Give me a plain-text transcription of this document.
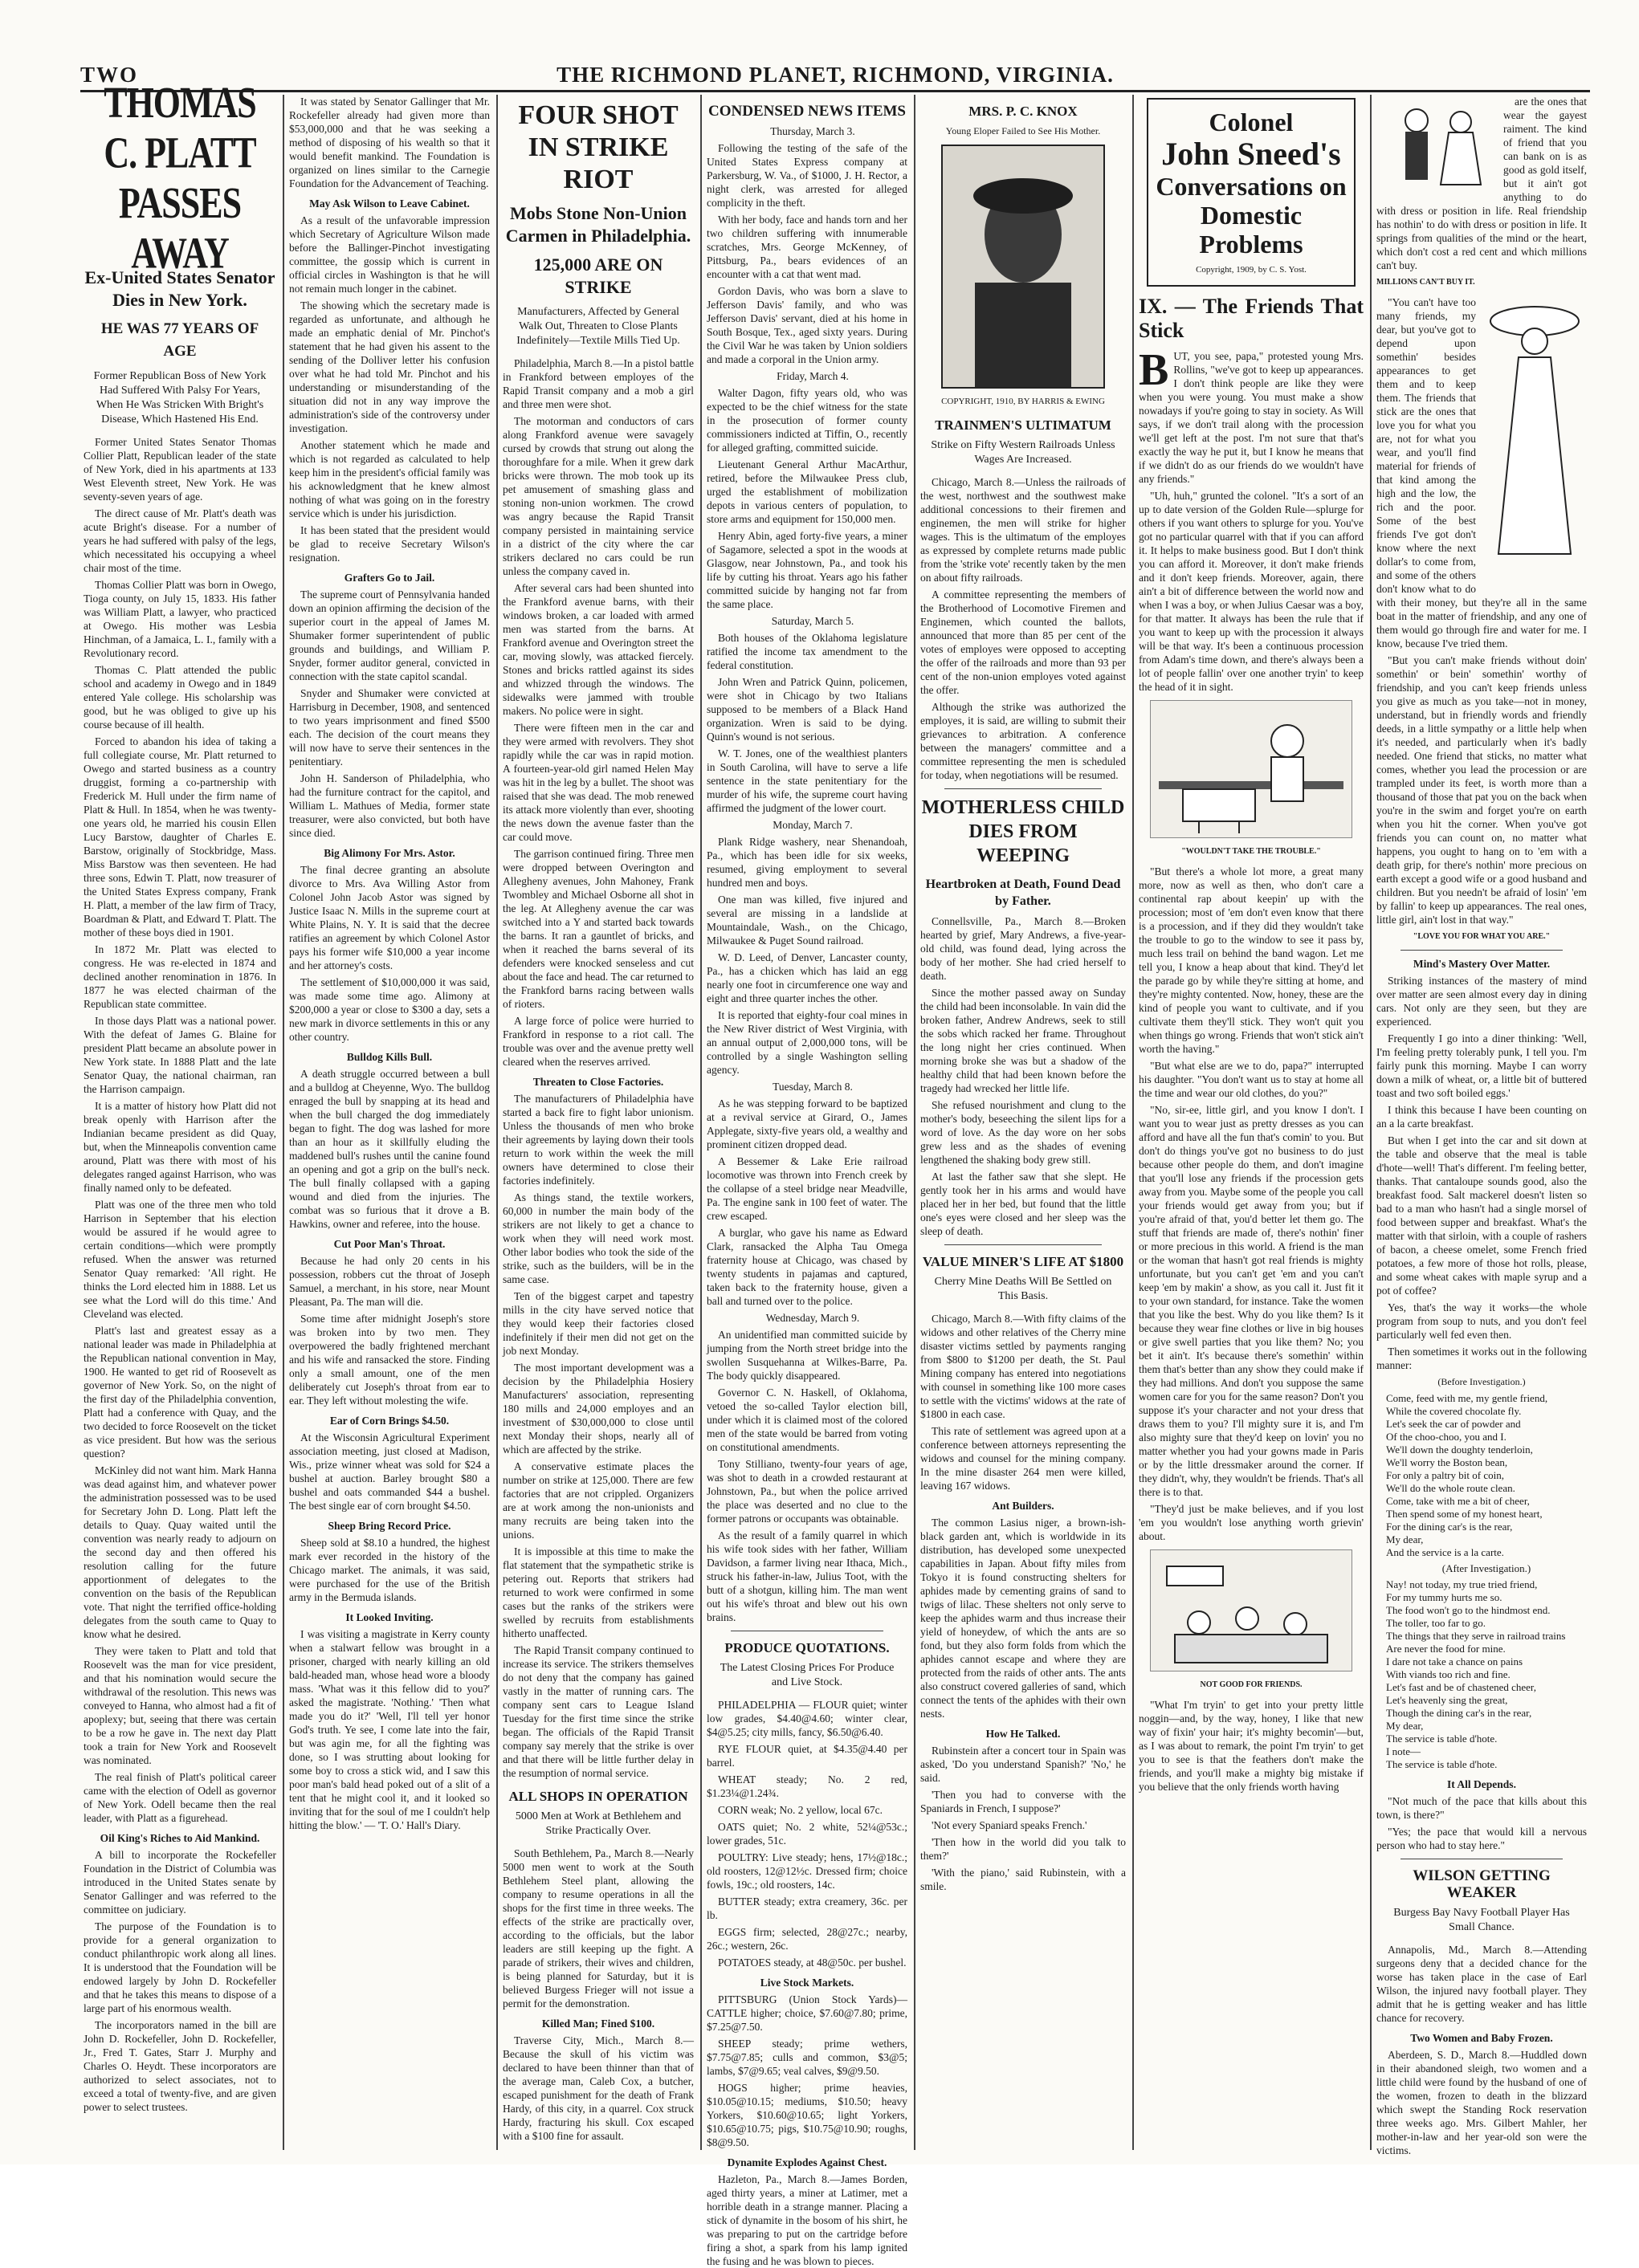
TWO	THE RICHMOND PLANET, RICHMOND, VIRGINIA.
THOMAS C. PLATT PASSES AWAY
Ex-United States Senator Dies in New York.
HE WAS 77 YEARS OF AGE
Former Republican Boss of New York Had Suffered With Palsy For Years, When He Was Stricken With Bright's Disease, Which Hastened His End.

Former United States Senator Thomas Collier Platt, Republican leader of the state of New York, died in his apartments at 133 West Eleventh street, New York. He was seventy-seven years of age.

The direct cause of Mr. Platt's death was acute Bright's disease. For a number of years he had suffered with palsy of the legs, which necessitated his occupying a wheel chair most of the time.

Thomas Collier Platt was born in Owego, Tioga county, on July 15, 1833. His father was William Platt, a lawyer, who practiced at Owego. His mother was Lesbia Hinchman, of a Jamaica, L. I., family with a Revolutionary record.

Thomas C. Platt attended the public school and academy in Owego and in 1849 entered Yale college. His scholarship was good, but he was obliged to give up his course because of ill health.

Forced to abandon his idea of taking a full collegiate course, Mr. Platt returned to Owego and started business as a country druggist, forming a co-partnership with Frederick M. Hull under the firm name of Platt & Hull. In 1854, when he was twenty-one years old, he married his cousin Ellen Lucy Barstow, daughter of Charles E. Barstow, originally of Stockbridge, Mass. Miss Barstow was then seventeen. He had three sons, Edwin T. Platt, now treasurer of the United States Express company, Frank H. Platt, a member of the law firm of Tracy, Boardman & Platt, and Edward T. Platt. The mother of these boys died in 1901.

In 1872 Mr. Platt was elected to congress. He was re-elected in 1874 and declined another renomination in 1876. In 1877 he was elected chairman of the Republican state committee.

In those days Platt was a national power. With the defeat of James G. Blaine for president Platt became an absolute power in New York state. In 1888 Platt and the late Senator Quay, the national chairman, ran the Harrison campaign.

It is a matter of history how Platt did not break openly with Harrison after the Indianian became president as did Quay, but, when the Minneapolis convention came around, Platt was there with most of his delegates ranged against Harrison, who was finally named only to be defeated.

Platt was one of the three men who told Harrison in September that his election would be assured if he would agree to certain conditions—which were promptly refused. When the answer was returned Senator Quay remarked: 'All right. He thinks the Lord elected him in 1888. Let us see what the Lord will do this time.' And Cleveland was elected.

Platt's last and greatest essay as a national leader was made in Philadelphia at the Republican national convention in May, 1900. He wanted to get rid of Roosevelt as governor of New York. So, on the night of the first day of the Philadelphia convention, Platt had a conference with Quay, and the two decided to force Roosevelt on the ticket as vice president. But how was the serious question?

McKinley did not want him. Mark Hanna was dead against him, and whatever power the administration possessed was to be used for Secretary John D. Long. Platt left the details to Quay. Quay waited until the convention was nearly ready to adjourn on the second day and then offered his resolution calling for the future apportionment of delegates to the convention on the basis of the Republican vote. That night the terrified office-holding delegates from the south came to Quay to know what he desired.

They were taken to Platt and told that Roosevelt was the man for vice president, and that his nomination would secure the withdrawal of the resolution. This news was conveyed to Hanna, who almost had a fit of apoplexy; but, seeing that there was certain to be a row he gave in. The next day Platt took a train for New York and Roosevelt was nominated.

The real finish of Platt's political career came with the election of Odell as governor of New York. Odell became then the real leader, with Platt as a figurehead.

Oil King's Riches to Aid Mankind.

A bill to incorporate the Rockefeller Foundation in the District of Columbia was introduced in the United States senate by Senator Gallinger and was referred to the committee on judiciary.

The purpose of the Foundation is to provide for a general organization to conduct philanthropic work along all lines. It is understood that the Foundation will be endowed largely by John D. Rockefeller and that he takes this means to dispose of a large part of his enormous wealth.

The incorporators named in the bill are John D. Rockefeller, John D. Rockefeller, Jr., Fred T. Gates, Starr J. Murphy and Charles O. Heydt. These incorporators are authorized to select associates, not to exceed a total of twenty-five, and are given power to select trustees.

It was stated by Senator Gallinger that Mr. Rockefeller already had given more than $53,000,000 and that he was seeking a method of disposing of his wealth so that it would benefit mankind. The Foundation is organized on lines similar to the Carnegie Foundation for the Advancement of Teaching.

May Ask Wilson to Leave Cabinet.

As a result of the unfavorable impression which Secretary of Agriculture Wilson made before the Ballinger-Pinchot investigating committee, the gossip which is current in official circles in Washington is that he will not remain much longer in the cabinet.

The showing which the secretary made is regarded as unfortunate, and although he made an emphatic denial of Mr. Pinchot's statement that he had given his assent to the sending of the Dolliver letter his confusion over what he had told Mr. Pinchot and his understanding or misunderstanding of the situation did not in any way improve the administration's side of the controversy under investigation.

Another statement which he made and which is not regarded as calculated to help keep him in the president's official family was his acknowledgment that he knew almost nothing of what was going on in the forestry service which is under his jurisdiction.

It has been stated that the president would be glad to receive Secretary Wilson's resignation.

Grafters Go to Jail.

The supreme court of Pennsylvania handed down an opinion affirming the decision of the superior court in the appeal of James M. Shumaker former superintendent of public grounds and buildings, and William P. Snyder, former auditor general, convicted in connection with the state capitol scandal.

Snyder and Shumaker were convicted at Harrisburg in December, 1908, and sentenced to two years imprisonment and fined $500 each. The decision of the court means they will now have to serve their sentences in the penitentiary.

John H. Sanderson of Philadelphia, who had the furniture contract for the capitol, and William L. Mathues of Media, former state treasurer, were also convicted, but both have since died.

Big Alimony For Mrs. Astor.

The final decree granting an absolute divorce to Mrs. Ava Willing Astor from Colonel John Jacob Astor was signed by Justice Isaac N. Mills in the supreme court at White Plains, N. Y. It is said that the decree ratifies an agreement by which Colonel Astor pays his former wife $10,000 a year income and her attorney's costs.

The settlement of $10,000,000 it was said, was made some time ago. Alimony at $200,000 a year or close to $300 a day, sets a new mark in divorce settlements in this or any other country.

Bulldog Kills Bull.

A death struggle occurred between a bull and a bulldog at Cheyenne, Wyo. The bulldog enraged the bull by snapping at its head and when the bull charged the dog immediately began to fight. The dog was lashed for more than an hour as it skillfully eluding the maddened bull's rushes until the canine found an opening and got a grip on the bull's neck. The bull finally collapsed with a gaping wound and died from the injuries. The combat was so furious that it drove a B. Hawkins, owner and referee, into the house.

Cut Poor Man's Throat.

Because he had only 20 cents in his possession, robbers cut the throat of Joseph Samuel, a merchant, in his store, near Mount Pleasant, Pa. The man will die.

Some time after midnight Joseph's store was broken into by two men. They overpowered the badly frightened merchant and his wife and ransacked the store. Finding only a small amount, one of the men deliberately cut Joseph's throat from ear to ear. They left without molesting the wife.

Ear of Corn Brings $4.50.

At the Wisconsin Agricultural Experiment association meeting, just closed at Madison, Wis., prize winner wheat was sold for $24 a bushel at auction. Barley brought $80 a bushel and oats commanded $44 a bushel. The best single ear of corn brought $4.50.

Sheep Bring Record Price.

Sheep sold at $8.10 a hundred, the highest mark ever recorded in the history of the Chicago market. The animals, it was said, were purchased for the use of the British army in the Bermuda islands.

It Looked Inviting.

I was visiting a magistrate in Kerry county when a stalwart fellow was brought in a prisoner, charged with nearly killing an old bald-headed man, whose head wore a bloody mass. 'What was it this fellow did to you?' asked the magistrate. 'Nothing.' 'Then what made you do it?' 'Well, I'll tell yer honor God's truth. Ye see, I come late into the fair, but was agin me, for all the fighting was done, so I was strutting about looking for some boy to cross a stick wid, and I saw this poor man's bald head poked out of a slit of a tent that he might cool it, and it looked so inviting that for the soul of me I couldn't help hitting the blow.' — 'T. O.' Hall's Diary.

FOUR SHOT IN STRIKE RIOT
Mobs Stone Non-Union Carmen in Philadelphia.
125,000 ARE ON STRIKE
Manufacturers, Affected by General Walk Out, Threaten to Close Plants Indefinitely—Textile Mills Tied Up.

Philadelphia, March 8.—In a pistol battle in Frankford between employes of the Rapid Transit company and a mob a girl and three men were shot.

The motorman and conductors of cars along Frankford avenue were savagely cursed by crowds that strung out along the thoroughfare for a mile. When it grew dark bricks were thrown. The mob took up its pet amusement of smashing glass and stoning non-union workmen. The crowd was angry because the Rapid Transit company persisted in maintaining service in a district of the city where the car strikers declared no cars could be run unless the company caved in.

After several cars had been shunted into the Frankford avenue barns, with their windows broken, a car loaded with armed men was started from the barns. At Frankford avenue and Overington street the car, moving slowly, was attacked fiercely. Stones and bricks rattled against its sides and whizzed through the windows. The sidewalks were jammed with trouble makers. No police were in sight.

There were fifteen men in the car and they were armed with revolvers. They shot rapidly while the car was in rapid motion. A fourteen-year-old girl named Helen May was hit in the leg by a bullet. The shoot was raised that she was dead. The mob renewed its attack more violently than ever, shooting the news down the avenue faster than the car could move.

The garrison continued firing. Three men were dropped between Overington and Allegheny avenues, John Mahoney, Frank Twombley and Michael Osborne all shot in the leg. At Allegheny avenue the car was switched into a Y and started back towards the barns. It ran a gauntlet of bricks, and when it reached the barns several of its defenders were knocked senseless and cut about the face and head. The car returned to the Frankford barns racing between walls of rioters.

A large force of police were hurried to Frankford in response to a riot call. The trouble was over and the avenue pretty well cleared when the reserves arrived.

Threaten to Close Factories.

The manufacturers of Philadelphia have started a back fire to fight labor unionism. Unless the thousands of men who broke their agreements by laying down their tools return to work within the week the mill owners have determined to close their factories indefinitely.

As things stand, the textile workers, 60,000 in number the main body of the strikers are not likely to get a chance to work when they will need work most. Other labor bodies who took the side of the strike, such as the builders, will be in the same case.

Ten of the biggest carpet and tapestry mills in the city have served notice that they would keep their factories closed indefinitely if their men did not get on the job next Monday.

The most important development was a decision by the Philadelphia Hosiery Manufacturers' association, representing 180 mills and 24,000 employes and an investment of $30,000,000 to close until next Monday their shops, nearly all of which are affected by the strike.

A conservative estimate places the number on strike at 125,000. There are few factories that are not crippled. Organizers are at work among the non-unionists and many recruits are being taken into the unions.

It is impossible at this time to make the flat statement that the sympathetic strike is petering out. Reports that strikers had returned to work were confirmed in some cases but the ranks of the strikers were swelled by recruits from establishments hitherto unaffected.

The Rapid Transit company continued to increase its service. The strikers themselves do not deny that the company has gained vastly in the matter of running cars. The company sent cars to League Island Tuesday for the first time since the strike began. The officials of the Rapid Transit company say merely that the strike is over and that there will be little further delay in the resumption of normal service.

ALL SHOPS IN OPERATION
5000 Men at Work at Bethlehem and Strike Practically Over.

South Bethlehem, Pa., March 8.—Nearly 5000 men went to work at the South Bethlehem Steel plant, allowing the company to resume operations in all the shops for the first time in three weeks. The effects of the strike are practically over, according to the officials, but the labor leaders are still keeping up the fight. A parade of strikers, their wives and children, is being planned for Saturday, but it is believed Burgess Frieger will not issue a permit for the demonstration.

Killed Man; Fined $100.

Traverse City, Mich., March 8.—Because the skull of his victim was declared to have been thinner than that of the average man, Caleb Cox, a butcher, escaped punishment for the death of Frank Hardy, of this city, in a quarrel. Cox struck Hardy, fracturing his skull. Cox escaped with a $100 fine for assault.

CONDENSED NEWS ITEMS

Thursday, March 3.

Following the testing of the safe of the United States Express company at Parkersburg, W. Va., of $1000, J. H. Rector, a night clerk, was arrested for alleged complicity in the theft.

With her body, face and hands torn and her two children suffering with innumerable scratches, Mrs. George McKenney, of Pittsburg, Pa., bears evidences of an encounter with a cat that went mad.

Gordon Davis, who was born a slave to Jefferson Davis' family, and who was Jefferson Davis' servant, died at his home in South Bosque, Tex., aged sixty years. During the Civil War he was taken by Union soldiers and made a corporal in the Union army.

Friday, March 4.

Walter Dagon, fifty years old, who was expected to be the chief witness for the state in the prosecution of former county commissioners indicted at Tiffin, O., recently for alleged grafting, committed suicide.

Lieutenant General Arthur MacArthur, retired, before the Milwaukee Press club, urged the establishment of mobilization depots in various centers of population, to store arms and equipment for 150,000 men.

Henry Abin, aged forty-five years, a miner of Sagamore, selected a spot in the woods at Glasgow, near Johnstown, Pa., and took his life by cutting his throat. Years ago his father committed suicide by hanging not far from the same place.

Saturday, March 5.

Both houses of the Oklahoma legislature ratified the income tax amendment to the federal constitution.

John Wren and Patrick Quinn, policemen, were shot in Chicago by two Italians supposed to be members of a Black Hand organization. Wren is said to be dying. Quinn's wound is not serious.

W. T. Jones, one of the wealthiest planters in South Carolina, will have to serve a life sentence in the state penitentiary for the murder of his wife, the supreme court having affirmed the judgment of the lower court.

Monday, March 7.

Plank Ridge washery, near Shenandoah, Pa., which has been idle for six weeks, resumed, giving employment to several hundred men and boys.

One man was killed, five injured and several are missing in a landslide at Mountaindale, Wash., on the Chicago, Milwaukee & Puget Sound railroad.

W. D. Leed, of Denver, Lancaster county, Pa., has a chicken which has laid an egg nearly one foot in circumference one way and eight and three quarter inches the other.

It is reported that eighty-four coal mines in the New River district of West Virginia, with an annual output of 2,000,000 tons, will be controlled by a single Washington selling agency.

Tuesday, March 8.

As he was stepping forward to be baptized at a revival service at Girard, O., James Applegate, sixty-five years old, a wealthy and prominent citizen dropped dead.

A Bessemer & Lake Erie railroad locomotive was thrown into French creek by the collapse of a steel bridge near Meadville, Pa. The engine sank in 100 feet of water. The crew escaped.

A burglar, who gave his name as Edward Clark, ransacked the Alpha Tau Omega fraternity house at Chicago, was chased by twenty students in pajamas and captured, taken back to the fraternity house, given a ball and turned over to the police.

Wednesday, March 9.

An unidentified man committed suicide by jumping from the North street bridge into the swollen Susquehanna at Wilkes-Barre, Pa. The body quickly disappeared.

Governor C. N. Haskell, of Oklahoma, vetoed the so-called Taylor election bill, under which it is claimed most of the colored men of the state would be barred from voting on constitutional amendments.

Tony Stilliano, twenty-four years of age, was shot to death in a crowded restaurant at Johnstown, Pa., but when the police arrived the place was deserted and no clue to the former patrons or occupants was obtainable.

As the result of a family quarrel in which his wife took sides with her father, William Davidson, a farmer living near Ithaca, Mich., struck his father-in-law, Julius Toot, with the butt of a shotgun, killing him. The man went out his wife's throat and blew out his own brains.

PRODUCE QUOTATIONS.
The Latest Closing Prices For Produce and Live Stock.

PHILADELPHIA — FLOUR quiet; winter low grades, $4.40@4.60; winter clear, $4@5.25; city mills, fancy, $6.50@6.40.

RYE FLOUR quiet, at $4.35@4.40 per barrel.

WHEAT steady; No. 2 red, $1.23¼@1.24¾.

CORN weak; No. 2 yellow, local 67c.

OATS quiet; No. 2 white, 52¼@53c.; lower grades, 51c.

POULTRY: Live steady; hens, 17½@18c.; old roosters, 12@12½c. Dressed firm; choice fowls, 19c.; old roosters, 14c.

BUTTER steady; extra creamery, 36c. per lb.

EGGS firm; selected, 28@27c.; nearby, 26c.; western, 26c.

POTATOES steady, at 48@50c. per bushel.

Live Stock Markets.

PITTSBURG (Union Stock Yards)—CATTLE higher; choice, $7.60@7.80; prime, $7.25@7.50.

SHEEP steady; prime wethers, $7.75@7.85; culls and common, $3@5; lambs, $7@9.65; veal calves, $9@9.50.

HOGS higher; prime heavies, $10.05@10.15; mediums, $10.50; heavy Yorkers, $10.60@10.65; light Yorkers, $10.65@10.75; pigs, $10.75@10.90; roughs, $8@9.50.

Dynamite Explodes Against Chest.

Hazleton, Pa., March 8.—James Borden, aged thirty years, a miner at Latimer, met a horrible death in a strange manner. Placing a stick of dynamite in the bosom of his shirt, he was preparing to put on the cartridge before firing a shot, a spark from his lamp ignited the fusing and he was blown to pieces.

MRS. P. C. KNOX
Young Eloper Failed to See His Mother.
COPYRIGHT, 1910, BY HARRIS & EWING
TRAINMEN'S ULTIMATUM
Strike on Fifty Western Railroads Unless Wages Are Increased.

Chicago, March 8.—Unless the railroads of the west, northwest and the southwest make additional concessions to their firemen and enginemen, the men will strike for higher wages. This is the ultimatum of the employes as expressed by complete returns made public from the 'strike vote' recently taken by the men on about fifty railroads.

A committee representing the members of the Brotherhood of Locomotive Firemen and Enginemen, which counted the ballots, announced that more than 85 per cent of the votes of employes were opposed to accepting the offer of the railroads and more than 93 per cent of the non-union employes voted against the offer.

Although the strike was authorized the employes, it is said, are willing to submit their grievances to arbitration. A conference between the managers' committee and a committee representing the men is scheduled for today, when negotiations will be resumed.

MOTHERLESS CHILD DIES FROM WEEPING
Heartbroken at Death, Found Dead by Father.

Connellsville, Pa., March 8.—Broken hearted by grief, Mary Andrews, a five-year-old child, was found dead, lying across the body of her mother. She had cried herself to death.

Since the mother passed away on Sunday the child had been inconsolable. In vain did the broken father, Andrew Andrews, seek to still the sobs which racked her frame. Throughout the long night her cries continued. When morning broke she was but a shadow of the healthy child that had been known before the tragedy had wrecked her little life.

She refused nourishment and clung to the mother's body, beseeching the silent lips for a word of love. As the day wore on her sobs grew less and as the shades of evening lengthened the shaking body grew still.

At last the father saw that she slept. He gently took her in his arms and would have placed her in her bed, but found that the little one's eyes were closed and her sleep was the sleep of death.

VALUE MINER'S LIFE AT $1800
Cherry Mine Deaths Will Be Settled on This Basis.

Chicago, March 8.—With fifty claims of the widows and other relatives of the Cherry mine disaster victims settled by payments ranging from $800 to $1200 per death, the St. Paul Mining company has entered into negotiations with counsel in something like 100 more cases to settle with the victims' widows at the rate of $1800 in each case.

This rate of settlement was agreed upon at a conference between attorneys representing the widows and counsel for the mining company. In the mine disaster 264 men were killed, leaving 167 widows.

Ant Builders.

The common Lasius niger, a brown-ish-black garden ant, which is worldwide in its distribution, has developed some unexpected capabilities in Japan. About fifty miles from Tokyo it is found constructing shelters for aphides made by cementing grains of sand to twigs of lilac. These shelters not only serve to keep the aphides warm and thus increase their yield of honeydew, of which the ants are so fond, but they also form folds from which the aphides cannot escape and where they are protected from the raids of other ants. The ants also construct covered galleries of sand, which connect the tents of the aphides with their own nests.

How He Talked.

Rubinstein after a concert tour in Spain was asked, 'Do you understand Spanish?' 'No,' he said.

'Then you had to converse with the Spaniards in French, I suppose?'

'Not every Spaniard speaks French.'

'Then how in the world did you talk to them?'

'With the piano,' said Rubinstein, with a smile.

Colonel
John Sneed's
Conversations on Domestic Problems
Copyright, 1909, by C. S. Yost.
IX. — The Friends That Stick

BUT, you see, papa," protested young Mrs. Rollins, "we've got to keep up appearances. I don't think people are like they were when you were young. You must make a show nowadays if you're going to stay in society. As Will says, if we don't trail along with the procession we'll get left at the post. I'm not sure that that's exactly the way he put it, but I know he means that if we didn't do as our friends do we wouldn't have any friends."

"Uh, huh," grunted the colonel. "It's a sort of an up to date version of the Golden Rule—splurge for others if you want others to splurge for you. You've got no particular quarrel with that if you can afford it. It helps to make business good. But I don't think you can afford it. Moreover, it don't make friends and it don't keep friends. Moreover, again, there ain't a bit of difference between the world now and when I was a boy, or when Julius Caesar was a boy, for that matter. It always has been the rule that if you want to keep up with the procession it always will be that way. It's been a continuous procession from Adam's time down, and there's always been a lot of people fallin' over one another tryin' to keep the head of it in sight.

"WOULDN'T TAKE THE TROUBLE."

"But there's a whole lot more, a great many more, now as well as then, who don't care a continental rap about keepin' up with the procession; most of 'em don't even know that there is a procession, and if they did they wouldn't take the trouble to go to the window to see it pass by, much less trail on behind the band wagon. Let me tell you, I know a heap about that kind. They'd let the parade go by while they're sitting at home, and they're mighty contented. Now, honey, these are the kind of people you want to cultivate, and if you cultivate them they'll stick. They won't quit you when things go wrong. Friends that won't stick ain't worth the having."

"But what else are we to do, papa?" interrupted his daughter. "You don't want us to stay at home all the time and wear our old clothes, do you?"

"No, sir-ee, little girl, and you know I don't. I want you to wear just as pretty dresses as you can afford and have all the fun that's comin' to you. But don't do things you've got no business to do just because other people do them, and don't imagine that you'll lose any friends if the procession gets away from you. Maybe some of the people you call your friends would get away from you; but if you're afraid of that, you'd better let them go. The stuff that friends are made of, there's nothin' finer or more precious in this world. A friend is the man or the woman that hasn't got real friends is mighty unfortunate, but you can't get 'em and you can't keep 'em by makin' a show, as you call it. Just fit it to your own standard, for instance. Take the women that you like the best. Why do you like them? Is it because they wear fine clothes or live in big houses or give swell parties that you like them? No; you bet it ain't. It's because there's somethin' within them that's better than any show they could make if they had millions. And don't you suppose the same women care for you for the same reason? Don't you suppose it's your character and not your dress that draws them to you? I'll mighty sure it is, and I'm also mighty sure that they'd keep on lovin' you no matter whether you had your gowns made in Paris or by the little dressmaker around the corner. If they didn't, why, they wouldn't be friends. That's all there is to that.

"They'd just be make believes, and if you lost 'em you wouldn't lose anything worth grievin' about.

NOT GOOD FOR FRIENDS.

"What I'm tryin' to get into your pretty little noggin—and, by the way, honey, I like that new way of fixin' your hair; it's mighty becomin'—but, as I was about to remark, the point I'm tryin' to get you to see is that the feathers don't make the friends, and you'll make a mighty big mistake if you believe that the only friends worth having

are the ones that wear the gayest raiment. The kind of friend that you can bank on is as good as gold itself, but it ain't got anything to do with dress or position in life. Real friendship has nothin' to do with dress or position in life. It springs from qualities of the mind or the heart, which don't cost a red cent and which millions can't buy.

MILLIONS CAN'T BUY IT.

"You can't have too many friends, my dear, but you've got to depend upon somethin' besides appearances to get them and to keep them. The friends that stick are the ones that love you for what you are, not for what you wear, and you'll find material for friends of that kind among the high and the low, the rich and the poor. Some of the best friends I've got don't know where the next dollar's to come from, and some of the others don't know what to do with their money, but they're all in the same boat in the matter of friendship, and any one of them would go through fire and water for me. I know, because I've tried them.

"But you can't make friends without doin' somethin' or bein' somethin' worthy of friendship, and you can't keep friends unless you give as much as you take—not in money, understand, but in friendly words and friendly deeds, in a little sympathy or a little help when it's needed, and particularly when it's badly needed. One friend that sticks, no matter what comes, whether you lead the procession or are trampled under its feet, is worth more than a thousand of those that pat you on the back when you're in the swim and forget you're on earth when you hit the corner. When you've got friends you can count on, no matter what happens, you ought to hang on to 'em with a death grip, for there's nothin' more precious on earth except a good wife or a good husband and children. But you needn't be afraid of losin' 'em by fallin' to keep up appearances. The real ones, little girl, ain't lost in that way."

"LOVE YOU FOR WHAT YOU ARE."
Mind's Mastery Over Matter.

Striking instances of the mastery of mind over matter are seen almost every day in dining cars. Not only are they seen, but they are experienced.

Frequently I go into a diner thinking: 'Well, I'm feeling pretty tolerably punk, I tell you. I'm fairly punk this morning. Maybe I can worry down a milk of wheat, or, a little bit of buttered toast and two soft boiled eggs.'

I think this because I have been counting on an a la carte breakfast.

But when I get into the car and sit down at the table and observe that the meal is table d'hote—well! That's different. I'm feeling better, thanks. That cantaloupe sounds good, also the breakfast food. Salt mackerel doesn't listen so bad to a man who hasn't had a single morsel of food between supper and breakfast. What's the matter with that sirloin, with a couple of rashers of bacon, a cheese omelet, some French fried potatoes, a few more of those hot rolls, please, and some wheat cakes with maple syrup and a pot of coffee?

Yes, that's the way it works—the whole program from soup to nuts, and you don't feel particularly well fed even then.

Then sometimes it works out in the following manner:

(Before Investigation.)
Come, feed with me, my gentle friend,
While the covered chocolate fly.
Let's seek the car of powder and
Of the choo-choo, you and I.
We'll down the doughty tenderloin,
We'll worry the Boston bean,
For only a paltry bit of coin,
We'll do the whole route clean.
Come, take with me a bit of cheer,
Then spend some of my honest heart,
For the dining car's is the rear,
My dear,
And the service is a la carte.
(After Investigation.)
Nay! not today, my true tried friend,
For my tummy hurts me so.
The food won't go to the hindmost end.
The toller, too far to go.
The things that they serve in railroad trains
Are never the food for mine.
I dare not take a chance on pains
With viands too rich and fine.
Let's fast and be of chastened cheer,
Let's heavenly sing the great,
Though the dining car's in the rear,
My dear,
The service is table d'hote.
I note—
The service is table d'hote.
It All Depends.

"Not much of the pace that kills about this town, is there?"

"Yes; the pace that would kill a nervous person who had to stay here."

WILSON GETTING WEAKER
Burgess Bay Navy Football Player Has Small Chance.

Annapolis, Md., March 8.—Attending surgeons deny that a decided chance for the worse has taken place in the case of Earl Wilson, the injured navy football player. They admit that he is getting weaker and has little chance for recovery.

Two Women and Baby Frozen.

Aberdeen, S. D., March 8.—Huddled down in their abandoned sleigh, two women and a little child were found by the husband of one of the women, frozen to death in the blizzard which swept the Standing Rock reservation three weeks ago. Mrs. Gilbert Mahler, her mother-in-law and her year-old son were the victims.
